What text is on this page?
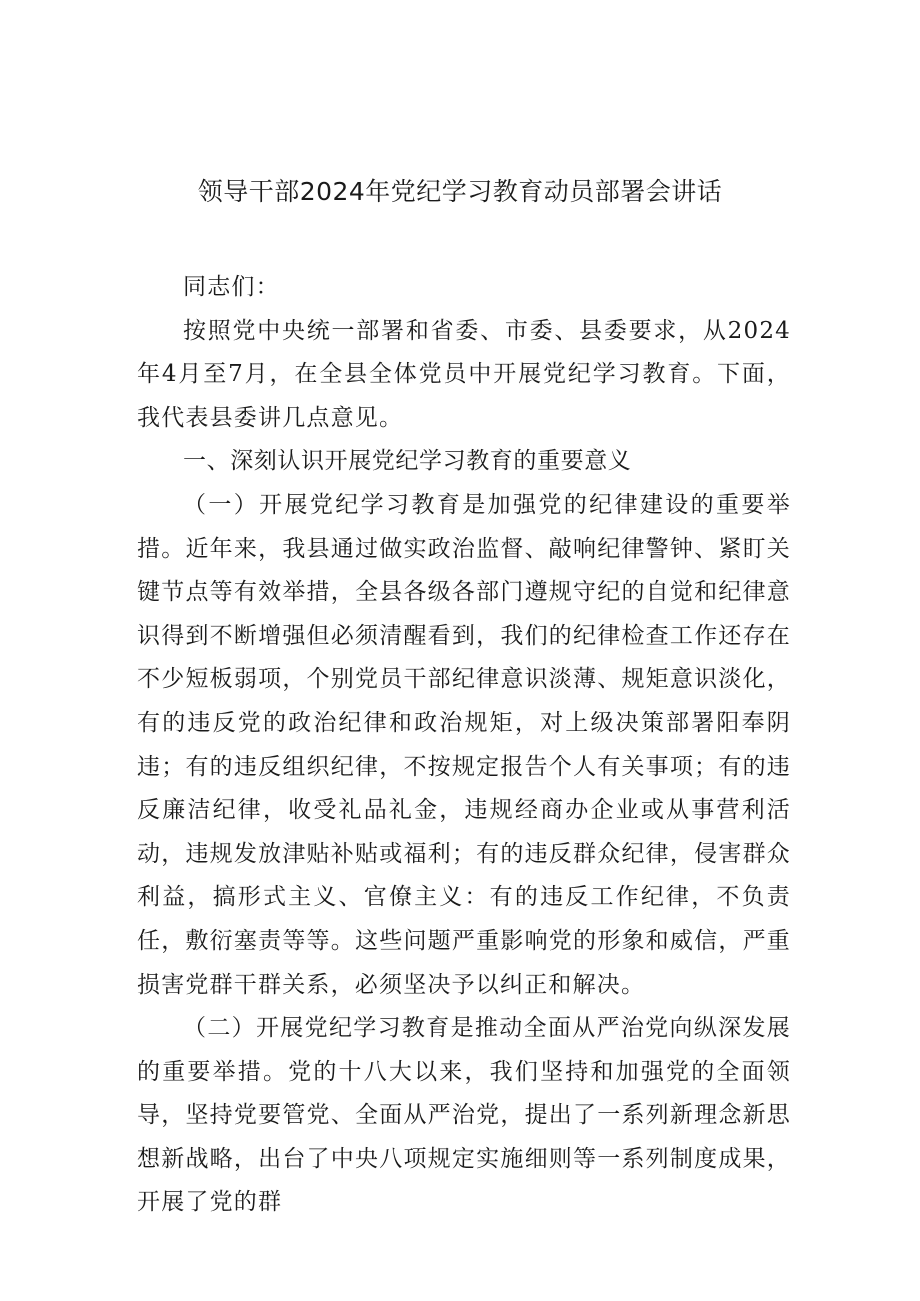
领导干部2024年党纪学习教育动员部署会讲话

同志们：

按照党中央统一部署和省委、市委、县委要求，从2024年4月至7月，在全县全体党员中开展党纪学习教育。下面，我代表县委讲几点意见。

一、深刻认识开展党纪学习教育的重要意义

（一）开展党纪学习教育是加强党的纪律建设的重要举措。近年来，我县通过做实政治监督、敲响纪律警钟、紧盯关键节点等有效举措，全县各级各部门遵规守纪的自觉和纪律意识得到不断增强但必须清醒看到，我们的纪律检查工作还存在不少短板弱项，个别党员干部纪律意识淡薄、规矩意识淡化，有的违反党的政治纪律和政治规矩，对上级决策部署阳奉阴违；有的违反组织纪律，不按规定报告个人有关事项；有的违反廉洁纪律，收受礼品礼金，违规经商办企业或从事营利活动，违规发放津贴补贴或福利；有的违反群众纪律，侵害群众利益，搞形式主义、官僚主义：有的违反工作纪律，不负责任，敷衍塞责等等。这些问题严重影响党的形象和威信，严重损害党群干群关系，必须坚决予以纠正和解决。

（二）开展党纪学习教育是推动全面从严治党向纵深发展的重要举措。党的十八大以来，我们坚持和加强党的全面领导，坚持党要管党、全面从严治党，提出了一系列新理念新思想新战略，出台了中央八项规定实施细则等一系列制度成果，开展了党的群
